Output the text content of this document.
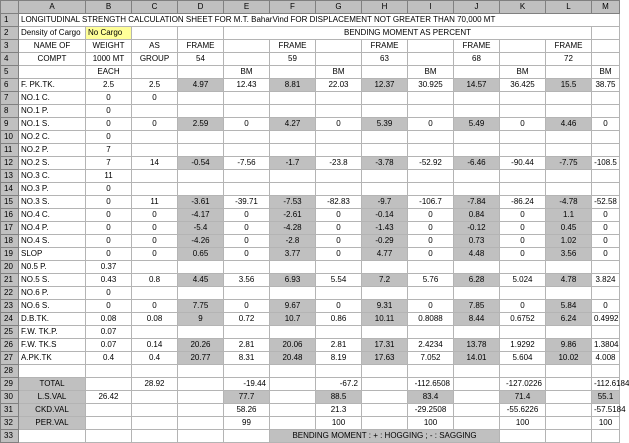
	A	B	C	D	E	F	G	H	I	J	K	L	M
1	LONGITUDINAL STRENGTH CALCULATION SHEET FOR M.T. BaharVind FOR DISPLACEMENT NOT GREATER THAN 70,000 MT												
2	Density of Cargo	No Cargo			BENDING MOMENT AS PERCENT								
3	NAME OF	WEIGHT	AS	FRAME		FRAME		FRAME		FRAME		FRAME	
4	COMPT	1000 MT	GROUP	54		59		63		68		72	
5		EACH			BM		BM		BM		BM		BM
6	F. PK.TK.	2.5	2.5	4.97	12.43	8.81	22.03	12.37	30.925	14.57	36.425	15.5	38.75
7	NO.1 C.	0	0										
8	NO.1 P.	0											
9	NO.1 S.	0	0	2.59	0	4.27	0	5.39	0	5.49	0	4.46	0
10	NO.2 C.	0											
11	NO.2 P.	7											
12	NO.2 S.	7	14	-0.54	-7.56	-1.7	-23.8	-3.78	-52.92	-6.46	-90.44	-7.75	-108.5
13	NO.3 C.	11											
14	NO.3 P.	0											
15	NO.3 S.	0	11	-3.61	-39.71	-7.53	-82.83	-9.7	-106.7	-7.84	-86.24	-4.78	-52.58
16	NO.4 C.	0	0	-4.17	0	-2.61	0	-0.14	0	0.84	0	1.1	0
17	NO.4 P.	0	0	-5.4	0	-4.28	0	-1.43	0	-0.12	0	0.45	0
18	NO.4 S.	0	0	-4.26	0	-2.8	0	-0.29	0	0.73	0	1.02	0
19	SLOP	0	0	0.65	0	3.77	0	4.77	0	4.48	0	3.56	0
20	N0.5 P.	0.37											
21	NO.5 S.	0.43	0.8	4.45	3.56	6.93	5.54	7.2	5.76	6.28	5.024	4.78	3.824
22	NO.6 P.	0											
23	NO.6 S.	0	0	7.75	0	9.67	0	9.31	0	7.85	0	5.84	0
24	D.B.TK.	0.08	0.08	9	0.72	10.7	0.86	10.11	0.8088	8.44	0.6752	6.24	0.4992
25	F.W. TK.P.	0.07											
26	F.W. TK.S	0.07	0.14	20.26	2.81	20.06	2.81	17.31	2.4234	13.78	1.9292	9.86	1.3804
27	A.PK.TK	0.4	0.4	20.77	8.31	20.48	8.19	17.63	7.052	14.01	5.604	10.02	4.008
28													
29	TOTAL		28.92		-19.44		-67.2		-112.6508		-127.0226		-112.6184
30	L.S.VAL	26.42			77.7		88.5		83.4		71.4		55.1
31	CKD.VAL				58.26		21.3		-29.2508		-55.6226		-57.5184
32	PER.VAL				99		100		100		100		100
33						BENDING MOMENT : + : HOGGING ; - : SAGGING							
